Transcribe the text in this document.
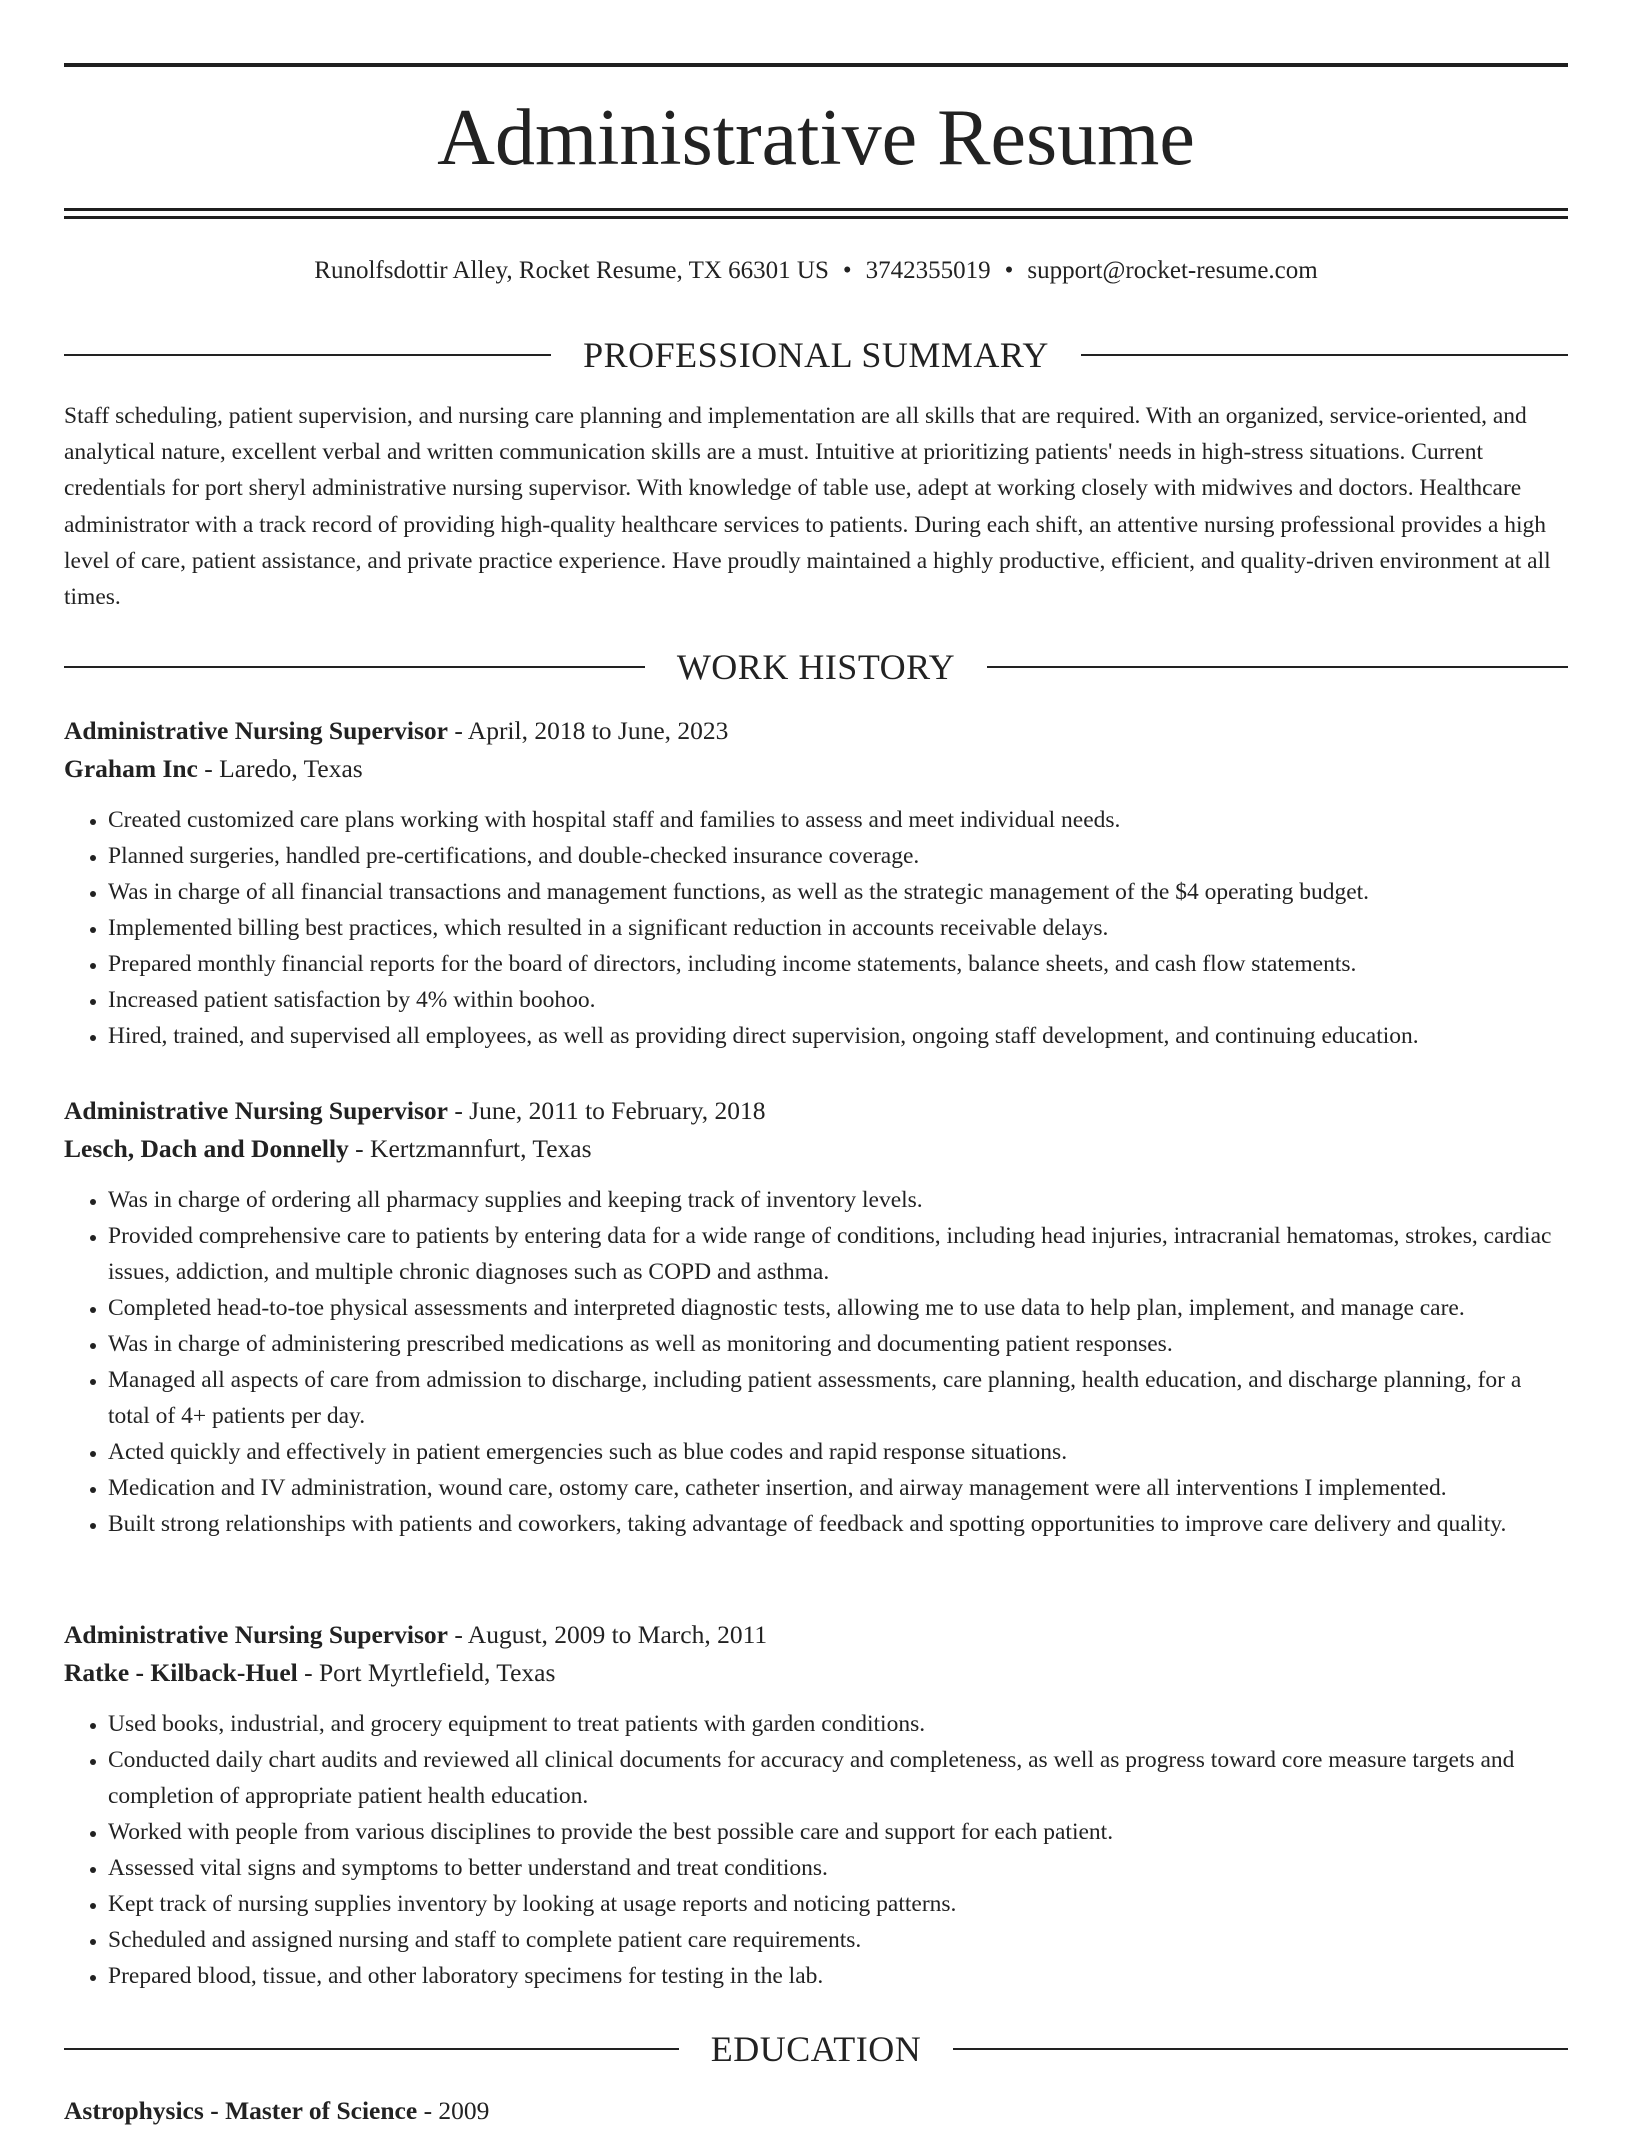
Administrative Resume
Runolfsdottir Alley, Rocket Resume, TX 66301 US • 3742355019 • support@rocket-resume.com
PROFESSIONAL SUMMARY

Staff scheduling, patient supervision, and nursing care planning and implementation are all skills that are required. With an organized, service-oriented, and analytical nature, excellent verbal and written communication skills are a must. Intuitive at prioritizing patients' needs in high-stress situations. Current credentials for port sheryl administrative nursing supervisor. With knowledge of table use, adept at working closely with midwives and doctors. Healthcare administrator with a track record of providing high-quality healthcare services to patients. During each shift, an attentive nursing professional provides a high level of care, patient assistance, and private practice experience. Have proudly maintained a highly productive, efficient, and quality-driven environment at all times.

WORK HISTORY
Administrative Nursing Supervisor - April, 2018 to June, 2023
Graham Inc - Laredo, Texas
• Created customized care plans working with hospital staff and families to assess and meet individual needs.
• Planned surgeries, handled pre-certifications, and double-checked insurance coverage.
• Was in charge of all financial transactions and management functions, as well as the strategic management of the $4 operating budget.
• Implemented billing best practices, which resulted in a significant reduction in accounts receivable delays.
• Prepared monthly financial reports for the board of directors, including income statements, balance sheets, and cash flow statements.
• Increased patient satisfaction by 4% within boohoo.
• Hired, trained, and supervised all employees, as well as providing direct supervision, ongoing staff development, and continuing education.
Administrative Nursing Supervisor - June, 2011 to February, 2018
Lesch, Dach and Donnelly - Kertzmannfurt, Texas
• Was in charge of ordering all pharmacy supplies and keeping track of inventory levels.
• Provided comprehensive care to patients by entering data for a wide range of conditions, including head injuries, intracranial hematomas, strokes, cardiac issues, addiction, and multiple chronic diagnoses such as COPD and asthma.
• Completed head-to-toe physical assessments and interpreted diagnostic tests, allowing me to use data to help plan, implement, and manage care.
• Was in charge of administering prescribed medications as well as monitoring and documenting patient responses.
• Managed all aspects of care from admission to discharge, including patient assessments, care planning, health education, and discharge planning, for a total of 4+ patients per day.
• Acted quickly and effectively in patient emergencies such as blue codes and rapid response situations.
• Medication and IV administration, wound care, ostomy care, catheter insertion, and airway management were all interventions I implemented.
• Built strong relationships with patients and coworkers, taking advantage of feedback and spotting opportunities to improve care delivery and quality.
Administrative Nursing Supervisor - August, 2009 to March, 2011
Ratke - Kilback-Huel - Port Myrtlefield, Texas
• Used books, industrial, and grocery equipment to treat patients with garden conditions.
• Conducted daily chart audits and reviewed all clinical documents for accuracy and completeness, as well as progress toward core measure targets and completion of appropriate patient health education.
• Worked with people from various disciplines to provide the best possible care and support for each patient.
• Assessed vital signs and symptoms to better understand and treat conditions.
• Kept track of nursing supplies inventory by looking at usage reports and noticing patterns.
• Scheduled and assigned nursing and staff to complete patient care requirements.
• Prepared blood, tissue, and other laboratory specimens for testing in the lab.
EDUCATION
Astrophysics - Master of Science - 2009
